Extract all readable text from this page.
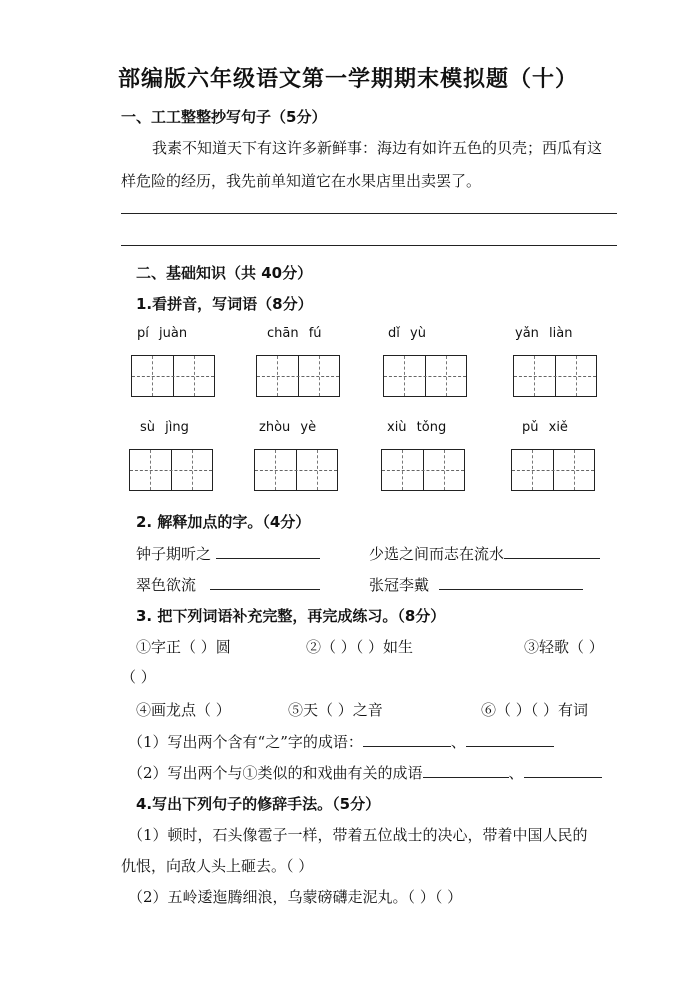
部编版六年级语文第一学期期末模拟题（十）
一、工工整整抄写句子（5分）
我素不知道天下有这许多新鲜事：海边有如许五色的贝壳；西瓜有这
样危险的经历，我先前单知道它在水果店里出卖罢了。
二、基础知识（共 40分）
1.看拼音，写词语（8分）
pí juàn	chān fú	dǐ yù	yǎn liàn
sù jìng	zhòu yè	xiù tǒng	pǔ xiě
2. 解释加点的字。（4分）
钟子期听之	少选之间而志在流水
翠色欲流	张冠李戴
3. 把下列词语补充完整，再完成练习。（8分）
①字正（ ）圆	②（ ）（ ）如生	③轻歌（ ）
（ ）
④画龙点（ ）	⑤天（ ）之音	⑥（ ）（ ）有词
（1）写出两个含有“之”字的成语：	、
（2）写出两个与①类似的和戏曲有关的成语	、
4.写出下列句子的修辞手法。（5分）
（1）顿时，石头像雹子一样，带着五位战士的决心，带着中国人民的
仇恨，向敌人头上砸去。（ ）
（2）五岭逶迤腾细浪，乌蒙磅礴走泥丸。（ ）（ ）
